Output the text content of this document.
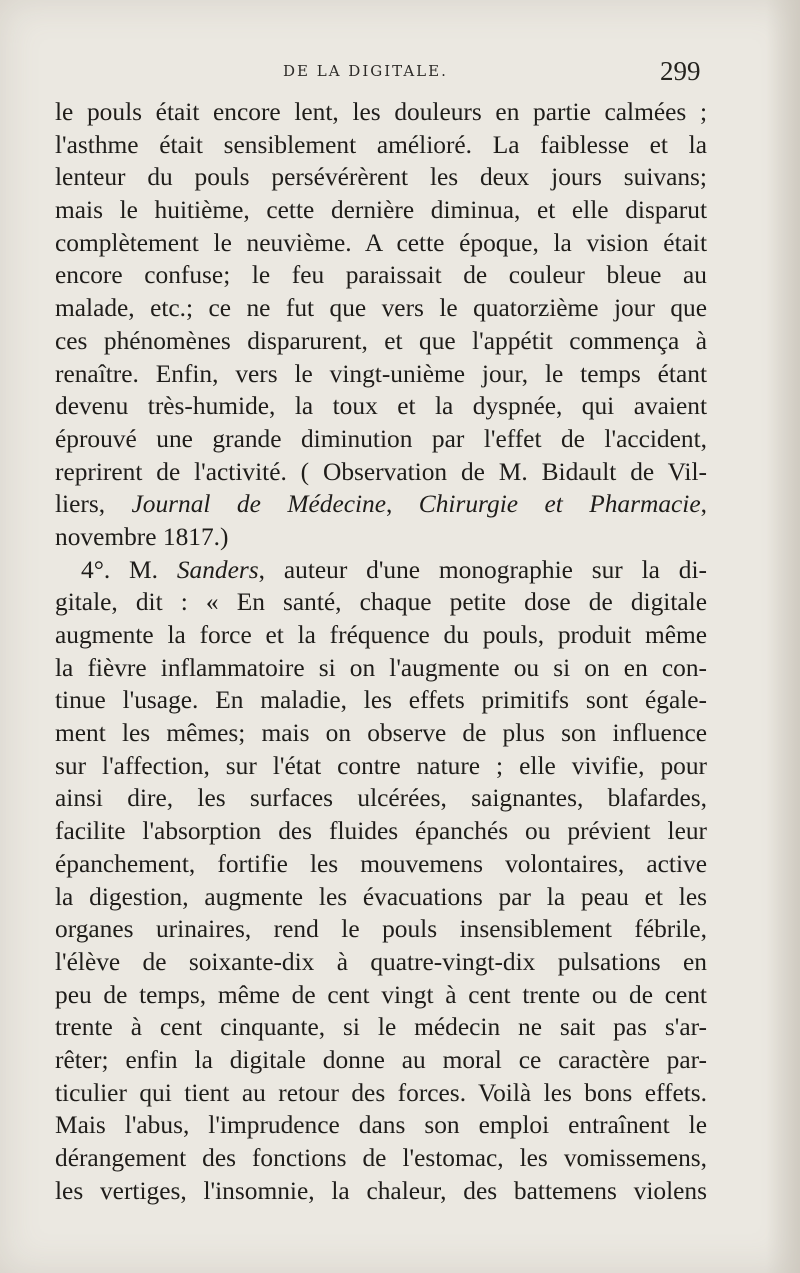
DE LA DIGITALE.	299
le pouls était encore lent, les douleurs en partie calmées ;
l'asthme était sensiblement amélioré. La faiblesse et la
lenteur du pouls persévérèrent les deux jours suivans;
mais le huitième, cette dernière diminua, et elle disparut
complètement le neuvième. A cette époque, la vision était
encore confuse; le feu paraissait de couleur bleue au
malade, etc.; ce ne fut que vers le quatorzième jour que
ces phénomènes disparurent, et que l'appétit commença à
renaître. Enfin, vers le vingt-unième jour, le temps étant
devenu très-humide, la toux et la dyspnée, qui avaient
éprouvé une grande diminution par l'effet de l'accident,
reprirent de l'activité. ( Observation de M. Bidault de Vil-
liers, Journal de Médecine, Chirurgie et Pharmacie,
novembre 1817.)
4°. M. Sanders, auteur d'une monographie sur la di-
gitale, dit : « En santé, chaque petite dose de digitale
augmente la force et la fréquence du pouls, produit même
la fièvre inflammatoire si on l'augmente ou si on en con-
tinue l'usage. En maladie, les effets primitifs sont égale-
ment les mêmes; mais on observe de plus son influence
sur l'affection, sur l'état contre nature ; elle vivifie, pour
ainsi dire, les surfaces ulcérées, saignantes, blafardes,
facilite l'absorption des fluides épanchés ou prévient leur
épanchement, fortifie les mouvemens volontaires, active
la digestion, augmente les évacuations par la peau et les
organes urinaires, rend le pouls insensiblement fébrile,
l'élève de soixante-dix à quatre-vingt-dix pulsations en
peu de temps, même de cent vingt à cent trente ou de cent
trente à cent cinquante, si le médecin ne sait pas s'ar-
rêter; enfin la digitale donne au moral ce caractère par-
ticulier qui tient au retour des forces. Voilà les bons effets.
Mais l'abus, l'imprudence dans son emploi entraînent le
dérangement des fonctions de l'estomac, les vomissemens,
les vertiges, l'insomnie, la chaleur, des battemens violens
